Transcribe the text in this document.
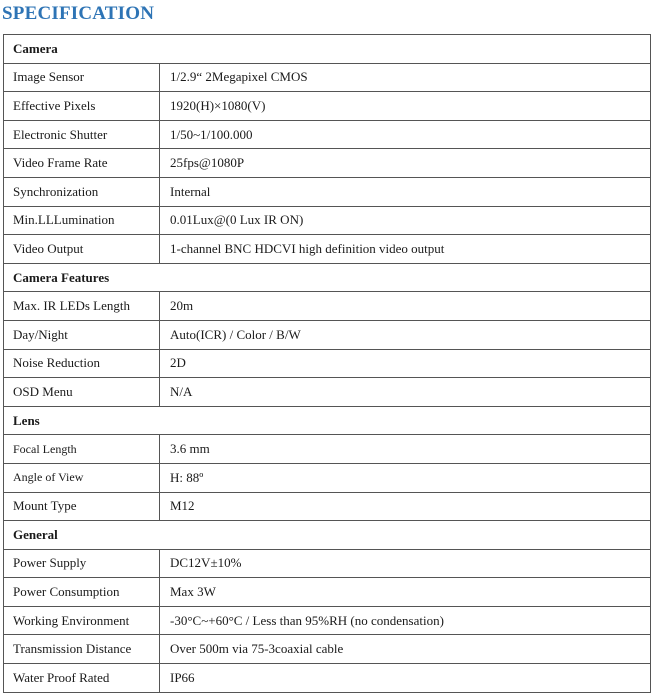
SPECIFICATION
Camera	
Image Sensor	1/2.9“ 2Megapixel CMOS
Effective Pixels	1920(H)×1080(V)
Electronic Shutter	1/50~1/100.000
Video Frame Rate	25fps@1080P
Synchronization	Internal
Min.LLLumination	0.01Lux@(0 Lux IR ON)
Video Output	1-channel BNC HDCVI high definition video output
Camera Features	
Max. IR LEDs Length	20m
Day/Night	Auto(ICR) / Color / B/W
Noise Reduction	2D
OSD Menu	N/A
Lens	
Focal Length	3.6 mm
Angle of View	H: 88º
Mount Type	M12
General	
Power Supply	DC12V±10%
Power Consumption	Max 3W
Working Environment	-30°C~+60°C / Less than 95%RH (no condensation)
Transmission Distance	Over 500m via 75-3coaxial cable
Water Proof Rated	IP66
